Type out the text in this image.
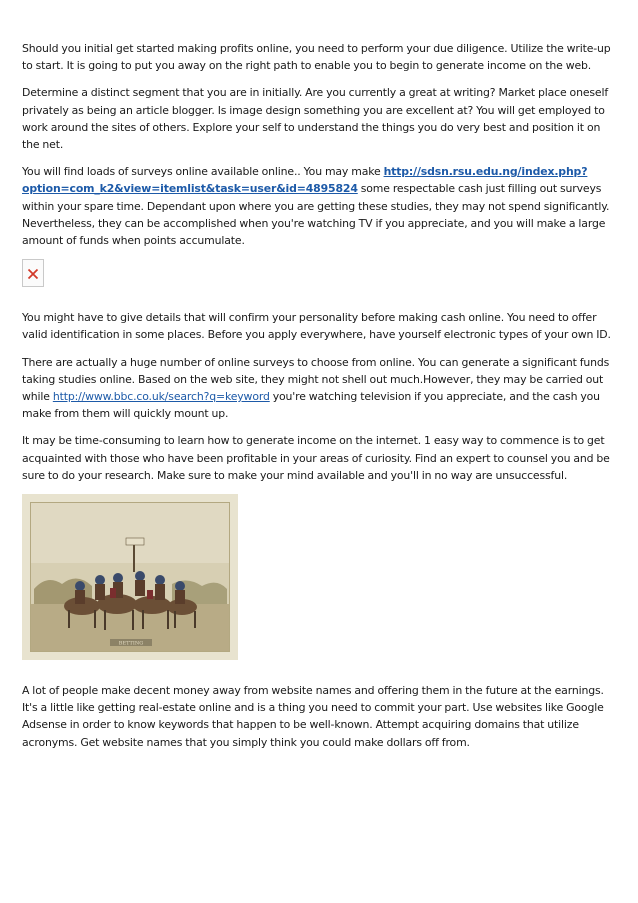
Should you initial get started making profits online, you need to perform your due diligence. Utilize the write-up to start. It is going to put you away on the right path to enable you to begin to generate income on the web.

Determine a distinct segment that you are in initially. Are you currently a great at writing? Market place oneself privately as being an article blogger. Is image design something you are excellent at? You will get employed to work around the sites of others. Explore your self to understand the things you do very best and position it on the net.

You will find loads of surveys online available online.. You may make http://sdsn.rsu.edu.ng/index.php?option=com_k2&view=itemlist&task=user&id=4895824 some respectable cash just filling out surveys within your spare time. Dependant upon where you are getting these studies, they may not spend significantly. Nevertheless, they can be accomplished when you're watching TV if you appreciate, and you will make a large amount of funds when points accumulate.

You might have to give details that will confirm your personality before making cash online. You need to offer valid identification in some places. Before you apply everywhere, have yourself electronic types of your own ID.

There are actually a huge number of online surveys to choose from online. You can generate a significant funds taking studies online. Based on the web site, they might not shell out much.However, they may be carried out while http://www.bbc.co.uk/search?q=keyword you're watching television if you appreciate, and the cash you make from them will quickly mount up.

It may be time-consuming to learn how to generate income on the internet. 1 easy way to commence is to get acquainted with those who have been profitable in your areas of curiosity. Find an expert to counsel you and be sure to do your research. Make sure to make your mind available and you'll in no way are unsuccessful.

BETTING

A lot of people make decent money away from website names and offering them in the future at the earnings. It's a little like getting real-estate online and is a thing you need to commit your part. Use websites like Google Adsense in order to know keywords that happen to be well-known. Attempt acquiring domains that utilize acronyms. Get website names that you simply think you could make dollars off from.
